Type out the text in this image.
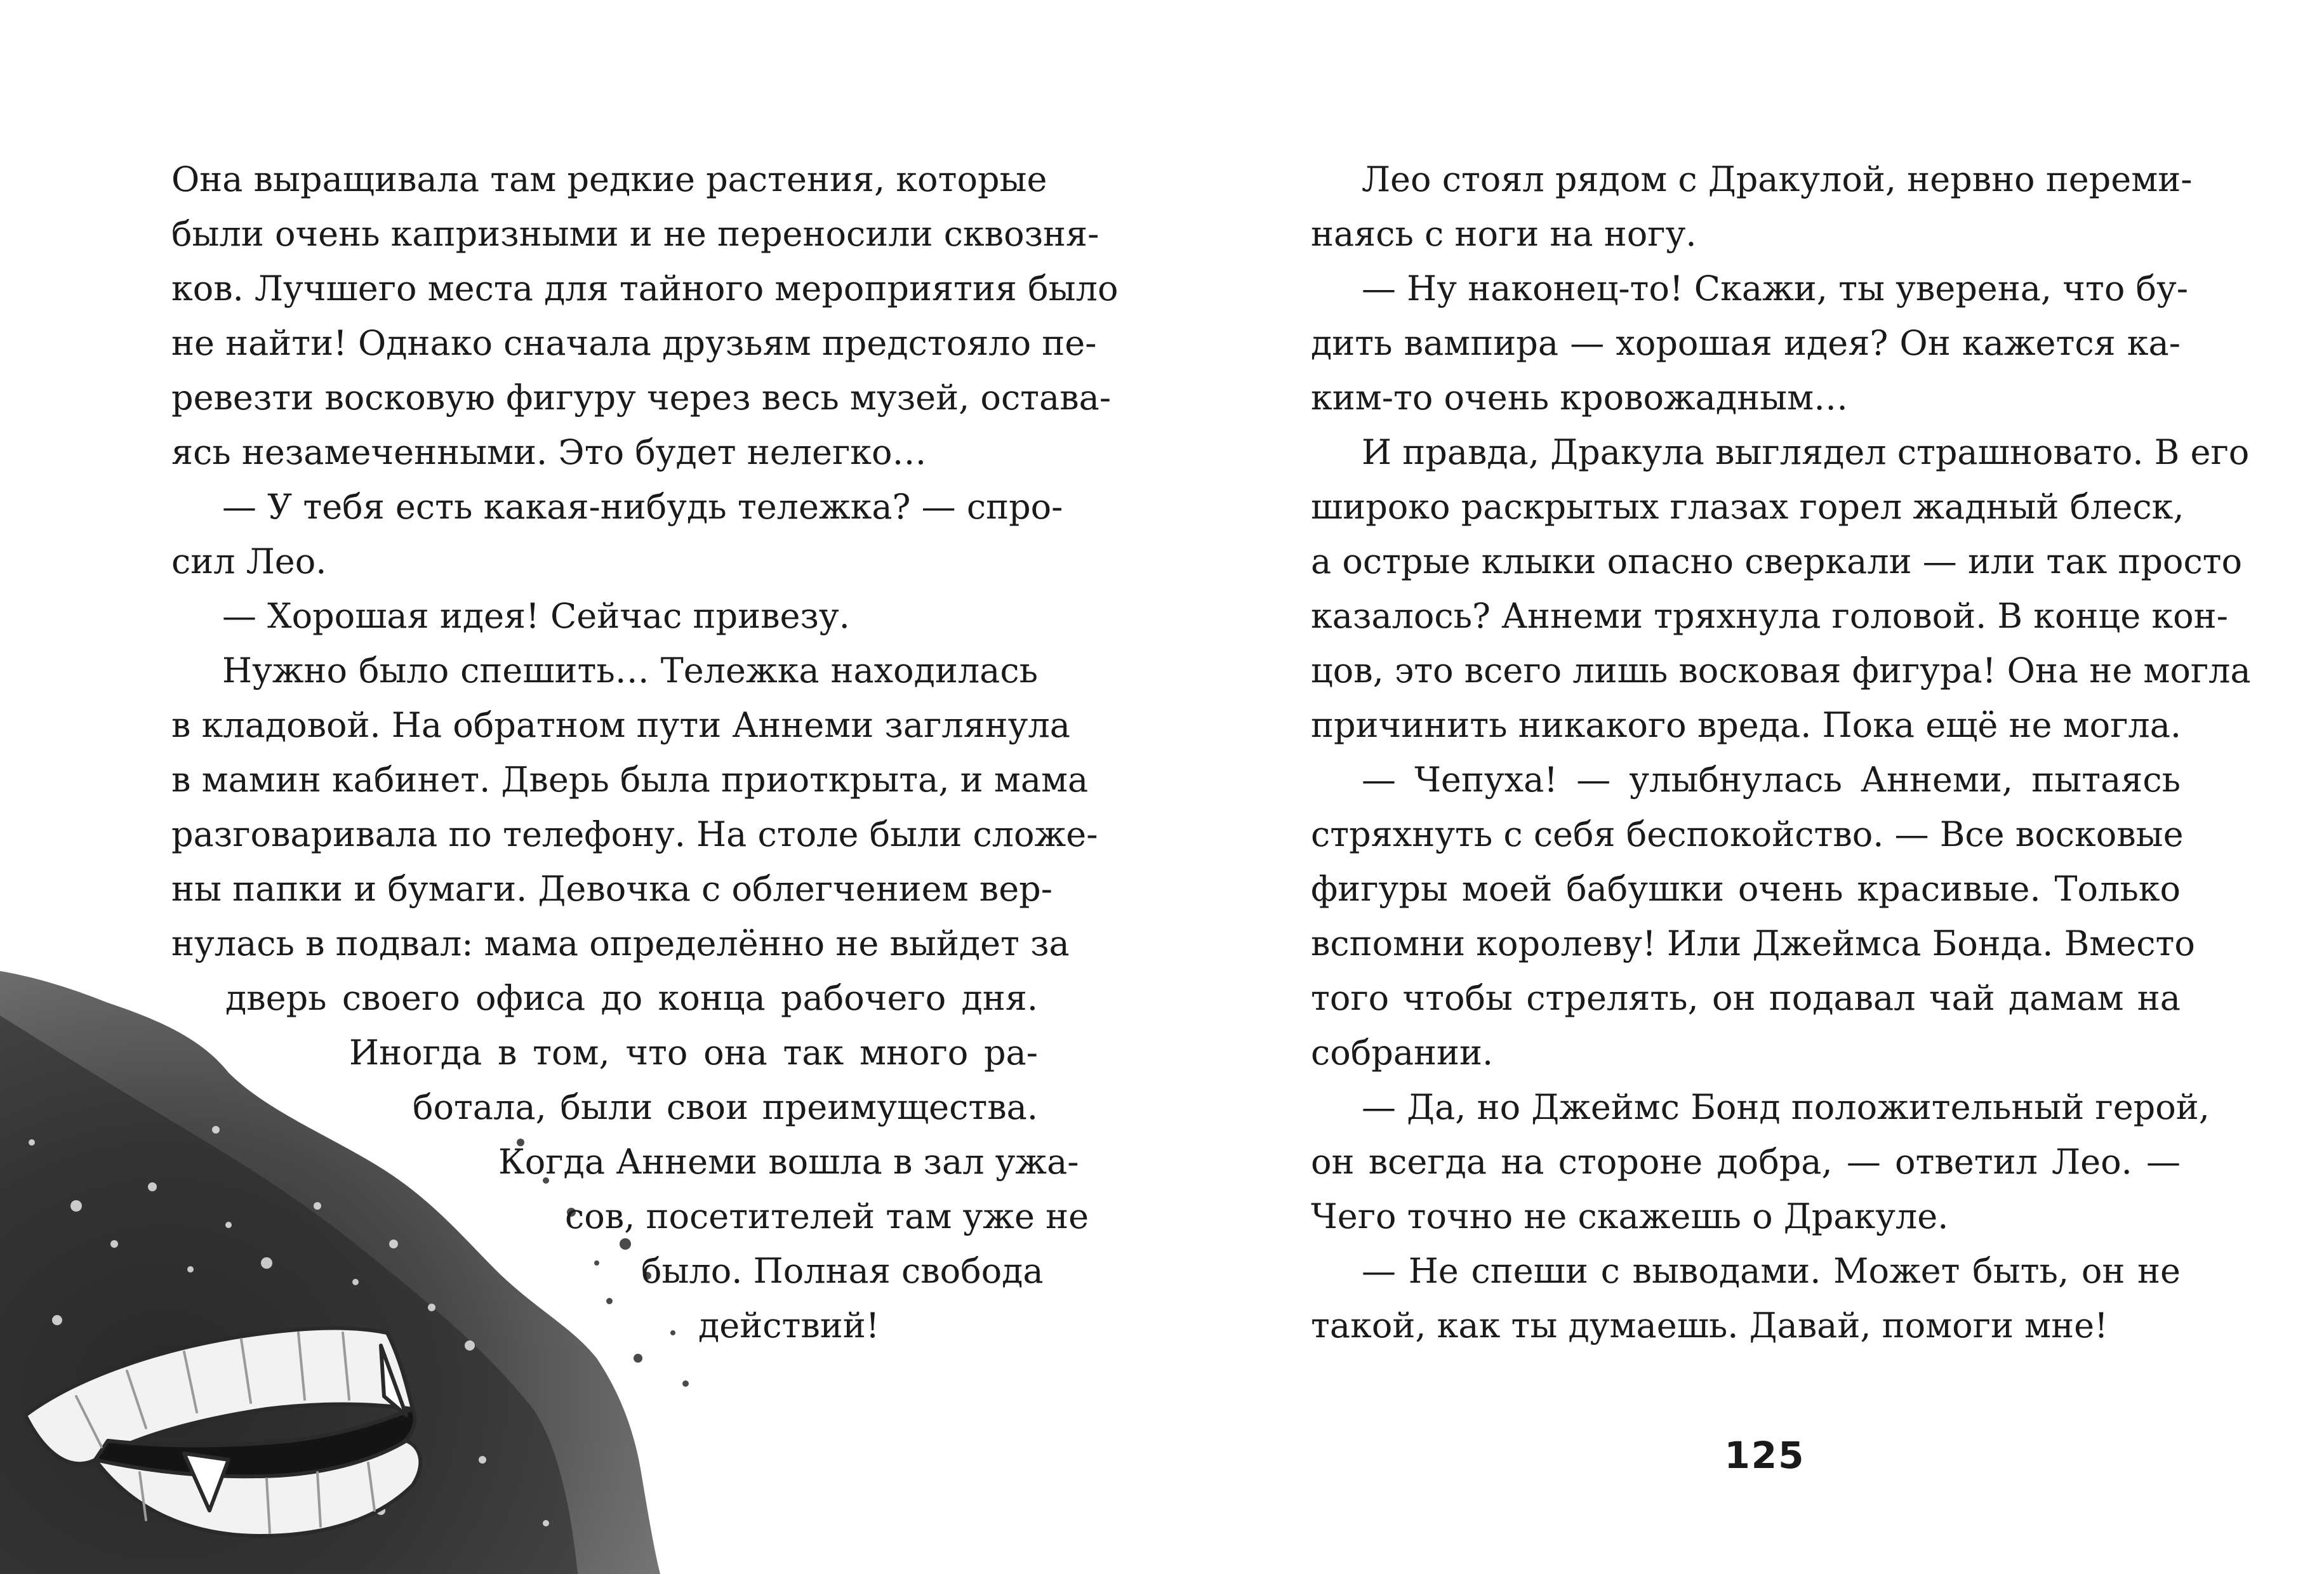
Она выращивала там редкие растения, которые

были очень капризными и не переносили сквозня-

ков. Лучшего места для тайного мероприятия было

не найти! Однако сначала друзьям предстояло пе-

ревезти восковую фигуру через весь музей, остава-

ясь незамеченными. Это будет нелегко…

— У тебя есть какая-нибудь тележка? — спро-

сил Лео.

— Хорошая идея! Сейчас привезу.

Нужно было спешить… Тележка находилась

в кладовой. На обратном пути Аннеми заглянула

в мамин кабинет. Дверь была приоткрыта, и мама

разговаривала по телефону. На столе были сложе-

ны папки и бумаги. Девочка с облегчением вер-

нулась в подвал: мама определённо не выйдет за

дверь своего офиса до конца рабочего дня.

Иногда в том, что она так много ра-

ботала, были свои преимущества.

Когда Аннеми вошла в зал ужа-

сов, посетителей там уже не

было. Полная свобода

действий!

Лео стоял рядом с Дракулой, нервно переми-

наясь с ноги на ногу.

— Ну наконец-то! Скажи, ты уверена, что бу-

дить вампира — хорошая идея? Он кажется ка-

ким-то очень кровожадным…

И правда, Дракула выглядел страшновато. В его

широко раскрытых глазах горел жадный блеск,

а острые клыки опасно сверкали — или так просто

казалось? Аннеми тряхнула головой. В конце кон-

цов, это всего лишь восковая фигура! Она не могла

причинить никакого вреда. Пока ещё не могла.

— Чепуха! — улыбнулась Аннеми, пытаясь

стряхнуть с себя беспокойство. — Все восковые

фигуры моей бабушки очень красивые. Только

вспомни королеву! Или Джеймса Бонда. Вместо

того чтобы стрелять, он подавал чай дамам на

собрании.

— Да, но Джеймс Бонд положительный герой,

он всегда на стороне добра, — ответил Лео. —

Чего точно не скажешь о Дракуле.

— Не спеши с выводами. Может быть, он не

такой, как ты думаешь. Давай, помоги мне!

125
